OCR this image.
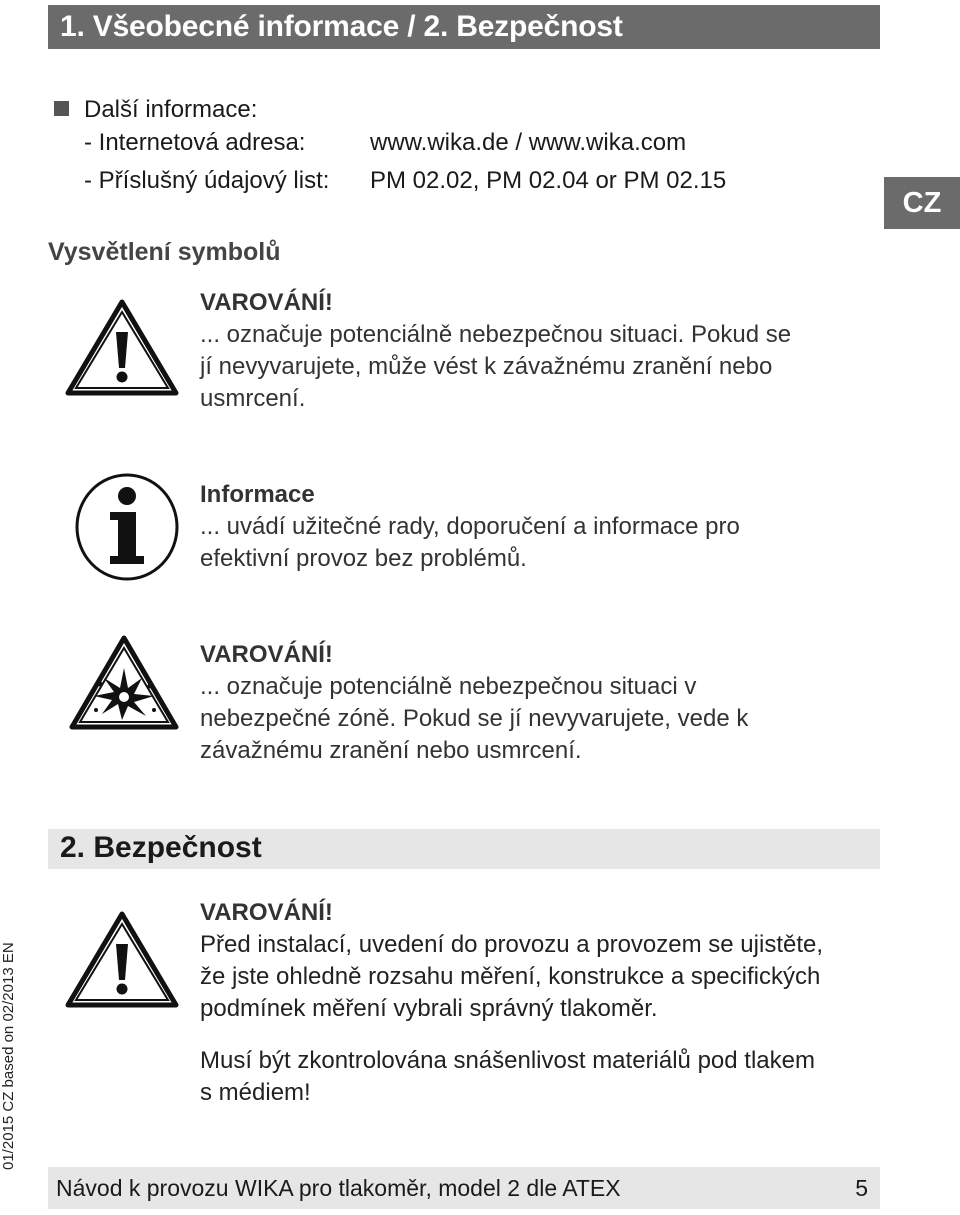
1. Všeobecné informace / 2. Bezpečnost
CZ
Další informace:
- Internetová adresa:	www.wika.de / www.wika.com
- Příslušný údajový list: PM 02.02, PM 02.04 or PM 02.15
Vysvětlení symbolů
VAROVÁNÍ!
... označuje potenciálně nebezpečnou situaci. Pokud se
jí nevyvarujete, může vést k závažnému zranění nebo
usmrcení.
Informace
... uvádí užitečné rady, doporučení a informace pro
efektivní provoz bez problémů.
VAROVÁNÍ!
... označuje potenciálně nebezpečnou situaci v
nebezpečné zóně. Pokud se jí nevyvarujete, vede k
závažnému zranění nebo usmrcení.
2. Bezpečnost
VAROVÁNÍ!
Před instalací, uvedení do provozu a provozem se ujistěte,
že jste ohledně rozsahu měření, konstrukce a specifických
podmínek měření vybrali správný tlakoměr.
Musí být zkontrolována snášenlivost materiálů pod tlakem
s médiem!
01/2015 CZ based on 02/2013 EN
Návod k provozu WIKA pro tlakoměr, model 2 dle ATEX	5
